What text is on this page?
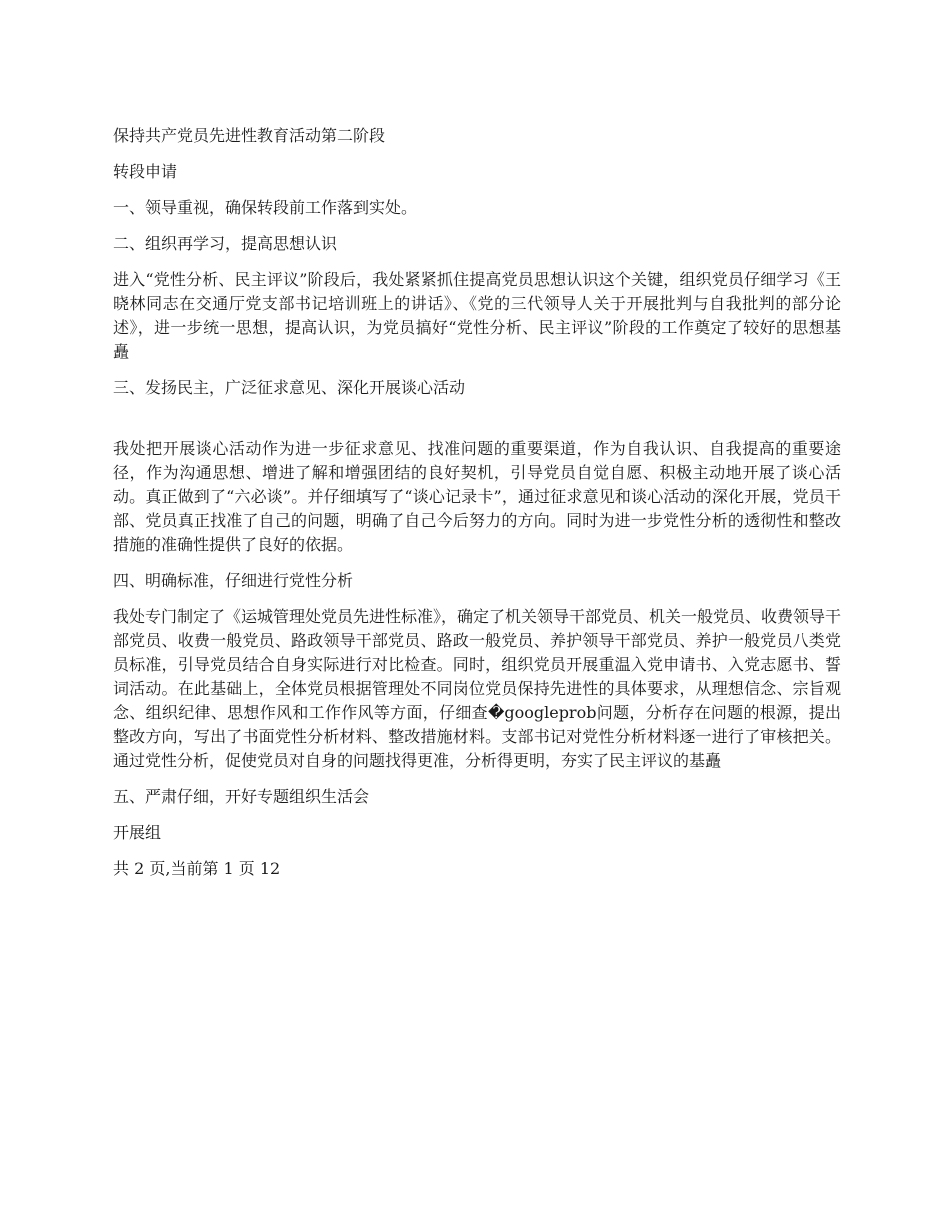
保持共产党员先进性教育活动第二阶段

转段申请

一、领导重视，确保转段前工作落到实处。

二、组织再学习，提高思想认识

进入“党性分析、民主评议”阶段后，我处紧紧抓住提高党员思想认识这个关键，组织党员仔细学习《王晓林同志在交通厅党支部书记培训班上的讲话》、《党的三代领导人关于开展批判与自我批判的部分论述》，进一步统一思想，提高认识，为党员搞好“党性分析、民主评议”阶段的工作奠定了较好的思想基矗

三、发扬民主，广泛征求意见、深化开展谈心活动

我处把开展谈心活动作为进一步征求意见、找准问题的重要渠道，作为自我认识、自我提高的重要途径，作为沟通思想、增进了解和增强团结的良好契机，引导党员自觉自愿、积极主动地开展了谈心活动。真正做到了“六必谈”。并仔细填写了“谈心记录卡”，通过征求意见和谈心活动的深化开展，党员干部、党员真正找准了自己的问题，明确了自己今后努力的方向。同时为进一步党性分析的透彻性和整改措施的准确性提供了良好的依据。

四、明确标准，仔细进行党性分析

我处专门制定了《运城管理处党员先进性标准》，确定了机关领导干部党员、机关一般党员、收费领导干部党员、收费一般党员、路政领导干部党员、路政一般党员、养护领导干部党员、养护一般党员八类党员标准，引导党员结合自身实际进行对比检查。同时，组织党员开展重温入党申请书、入党志愿书、誓词活动。在此基础上，全体党员根据管理处不同岗位党员保持先进性的具体要求，从理想信念、宗旨观念、组织纪律、思想作风和工作作风等方面，仔细查�googleprob问题，分析存在问题的根源，提出整改方向，写出了书面党性分析材料、整改措施材料。支部书记对党性分析材料逐一进行了审核把关。通过党性分析，促使党员对自身的问题找得更准，分析得更明，夯实了民主评议的基矗

五、严肃仔细，开好专题组织生活会

开展组

共 2 页,当前第 1 页 12
